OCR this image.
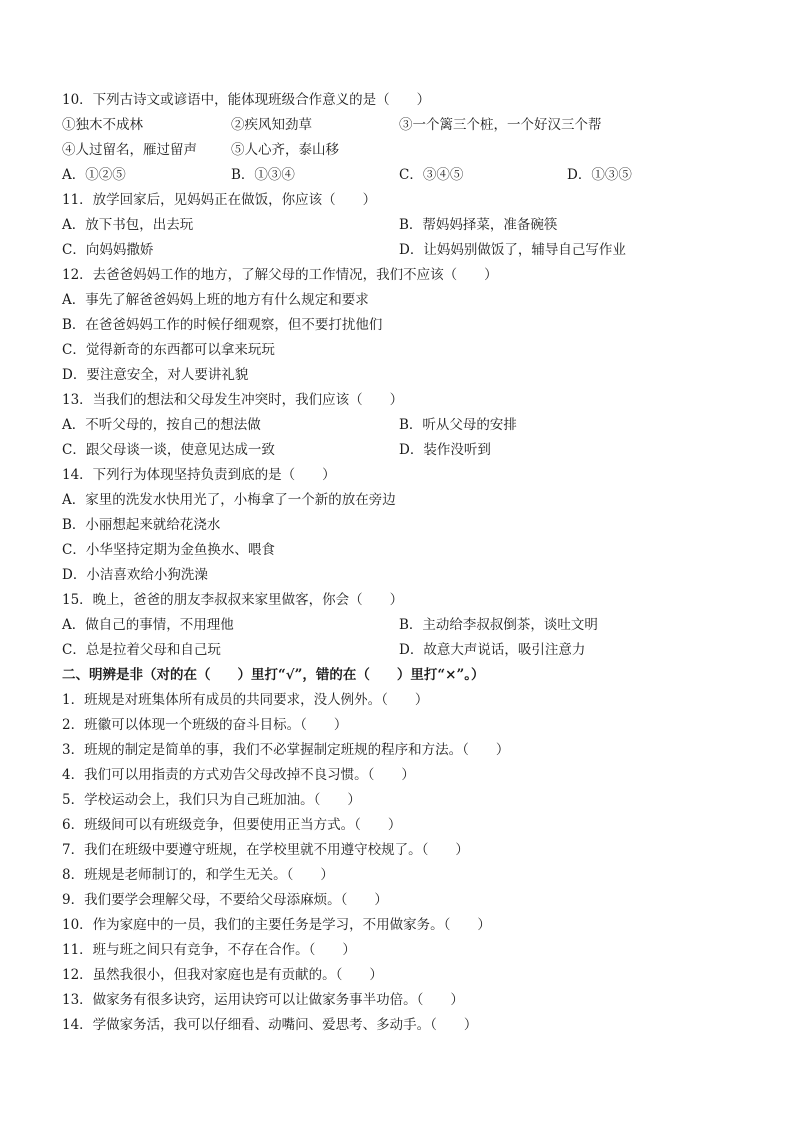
10．下列古诗文或谚语中，能体现班级合作意义的是（　　）
①独木不成林	②疾风知劲草	③一个篱三个桩，一个好汉三个帮
④人过留名，雁过留声	⑤人心齐，泰山移
A．①②⑤	B．①③④	C．③④⑤	D．①③⑤
11．放学回家后，见妈妈正在做饭，你应该（　　）
A．放下书包，出去玩	B．帮妈妈择菜，准备碗筷
C．向妈妈撒娇	D．让妈妈别做饭了，辅导自己写作业
12．去爸爸妈妈工作的地方，了解父母的工作情况，我们不应该（　　）
A．事先了解爸爸妈妈上班的地方有什么规定和要求
B．在爸爸妈妈工作的时候仔细观察，但不要打扰他们
C．觉得新奇的东西都可以拿来玩玩
D．要注意安全，对人要讲礼貌
13．当我们的想法和父母发生冲突时，我们应该（　　）
A．不听父母的，按自己的想法做	B．听从父母的安排
C．跟父母谈一谈，使意见达成一致	D．装作没听到
14．下列行为体现坚持负责到底的是（　　）
A．家里的洗发水快用光了，小梅拿了一个新的放在旁边
B．小丽想起来就给花浇水
C．小华坚持定期为金鱼换水、喂食
D．小洁喜欢给小狗洗澡
15．晚上，爸爸的朋友李叔叔来家里做客，你会（　　）
A．做自己的事情，不用理他	B．主动给李叔叔倒茶，谈吐文明
C．总是拉着父母和自己玩	D．故意大声说话，吸引注意力
二、明辨是非（对的在（　　）里打“√”，错的在（　　）里打“×”。）
1．班规是对班集体所有成员的共同要求，没人例外。（　　）
2．班徽可以体现一个班级的奋斗目标。（　　）
3．班规的制定是简单的事，我们不必掌握制定班规的程序和方法。（　　）
4．我们可以用指责的方式劝告父母改掉不良习惯。（　　）
5．学校运动会上，我们只为自己班加油。（　　）
6．班级间可以有班级竞争，但要使用正当方式。（　　）
7．我们在班级中要遵守班规，在学校里就不用遵守校规了。（　　）
8．班规是老师制订的，和学生无关。（　　）
9．我们要学会理解父母，不要给父母添麻烦。（　　）
10．作为家庭中的一员，我们的主要任务是学习，不用做家务。（　　）
11．班与班之间只有竞争，不存在合作。（　　）
12．虽然我很小，但我对家庭也是有贡献的。（　　）
13．做家务有很多诀窍，运用诀窍可以让做家务事半功倍。（　　）
14．学做家务活，我可以仔细看、动嘴问、爱思考、多动手。（　　）
